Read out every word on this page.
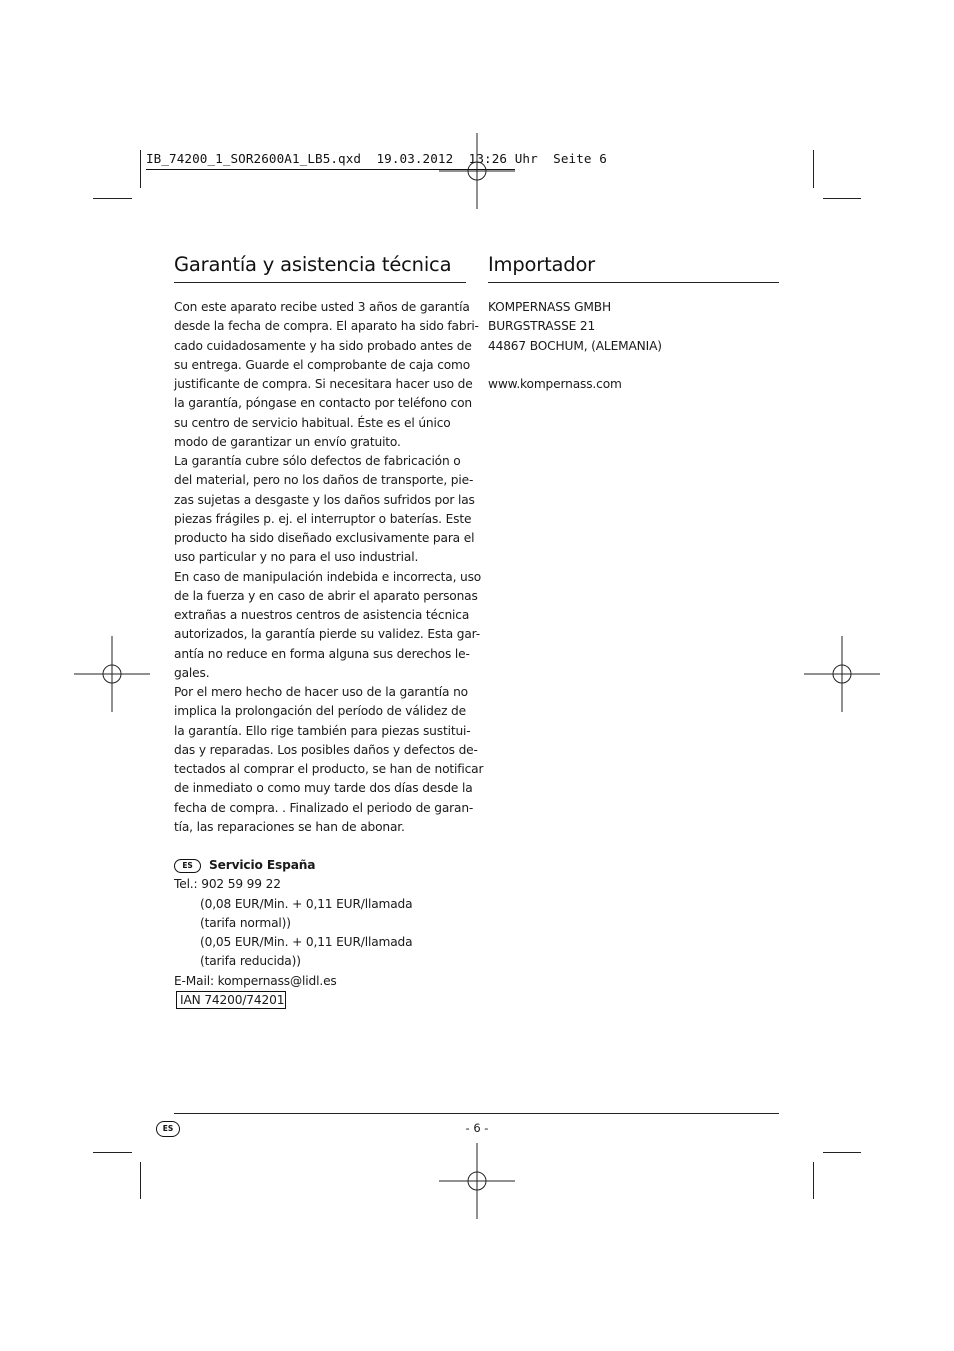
IB_74200_1_SOR2600A1_LB5.qxd  19.03.2012  13:26 Uhr  Seite 6
Garantía y asistencia técnica
Con este aparato recibe usted 3 años de garantía
desde la fecha de compra. El aparato ha sido fabri-
cado cuidadosamente y ha sido probado antes de
su entrega. Guarde el comprobante de caja como
justificante de compra. Si necesitara hacer uso de
la garantía, póngase en contacto por teléfono con
su centro de servicio habitual. Éste es el único
modo de garantizar un envío gratuito.
La garantía cubre sólo defectos de fabricación o
del material, pero no los daños de transporte, pie-
zas sujetas a desgaste y los daños sufridos por las
piezas frágiles p. ej. el interruptor o baterías. Este
producto ha sido diseñado exclusivamente para el
uso particular y no para el uso industrial.
En caso de manipulación indebida e incorrecta, uso
de la fuerza y en caso de abrir el aparato personas
extrañas a nuestros centros de asistencia técnica
autorizados, la garantía pierde su validez. Esta gar-
antía no reduce en forma alguna sus derechos le-
gales.
Por el mero hecho de hacer uso de la garantía no
implica la prolongación del período de válidez de
la garantía. Ello rige también para piezas sustitui-
das y reparadas. Los posibles daños y defectos de-
tectados al comprar el producto, se han de notificar
de inmediato o como muy tarde dos días desde la
fecha de compra. . Finalizado el periodo de garan-
tía, las reparaciones se han de abonar.
ES Servicio España
Tel.: 902 59 99 22
(0,08 EUR/Min. + 0,11 EUR/llamada
(tarifa normal))
(0,05 EUR/Min. + 0,11 EUR/llamada
(tarifa reducida))
E-Mail: kompernass@lidl.es
IAN 74200/74201
Importador
KOMPERNASS GMBH
BURGSTRASSE 21
44867 BOCHUM, (ALEMANIA)
www.kompernass.com
ES	- 6 -
